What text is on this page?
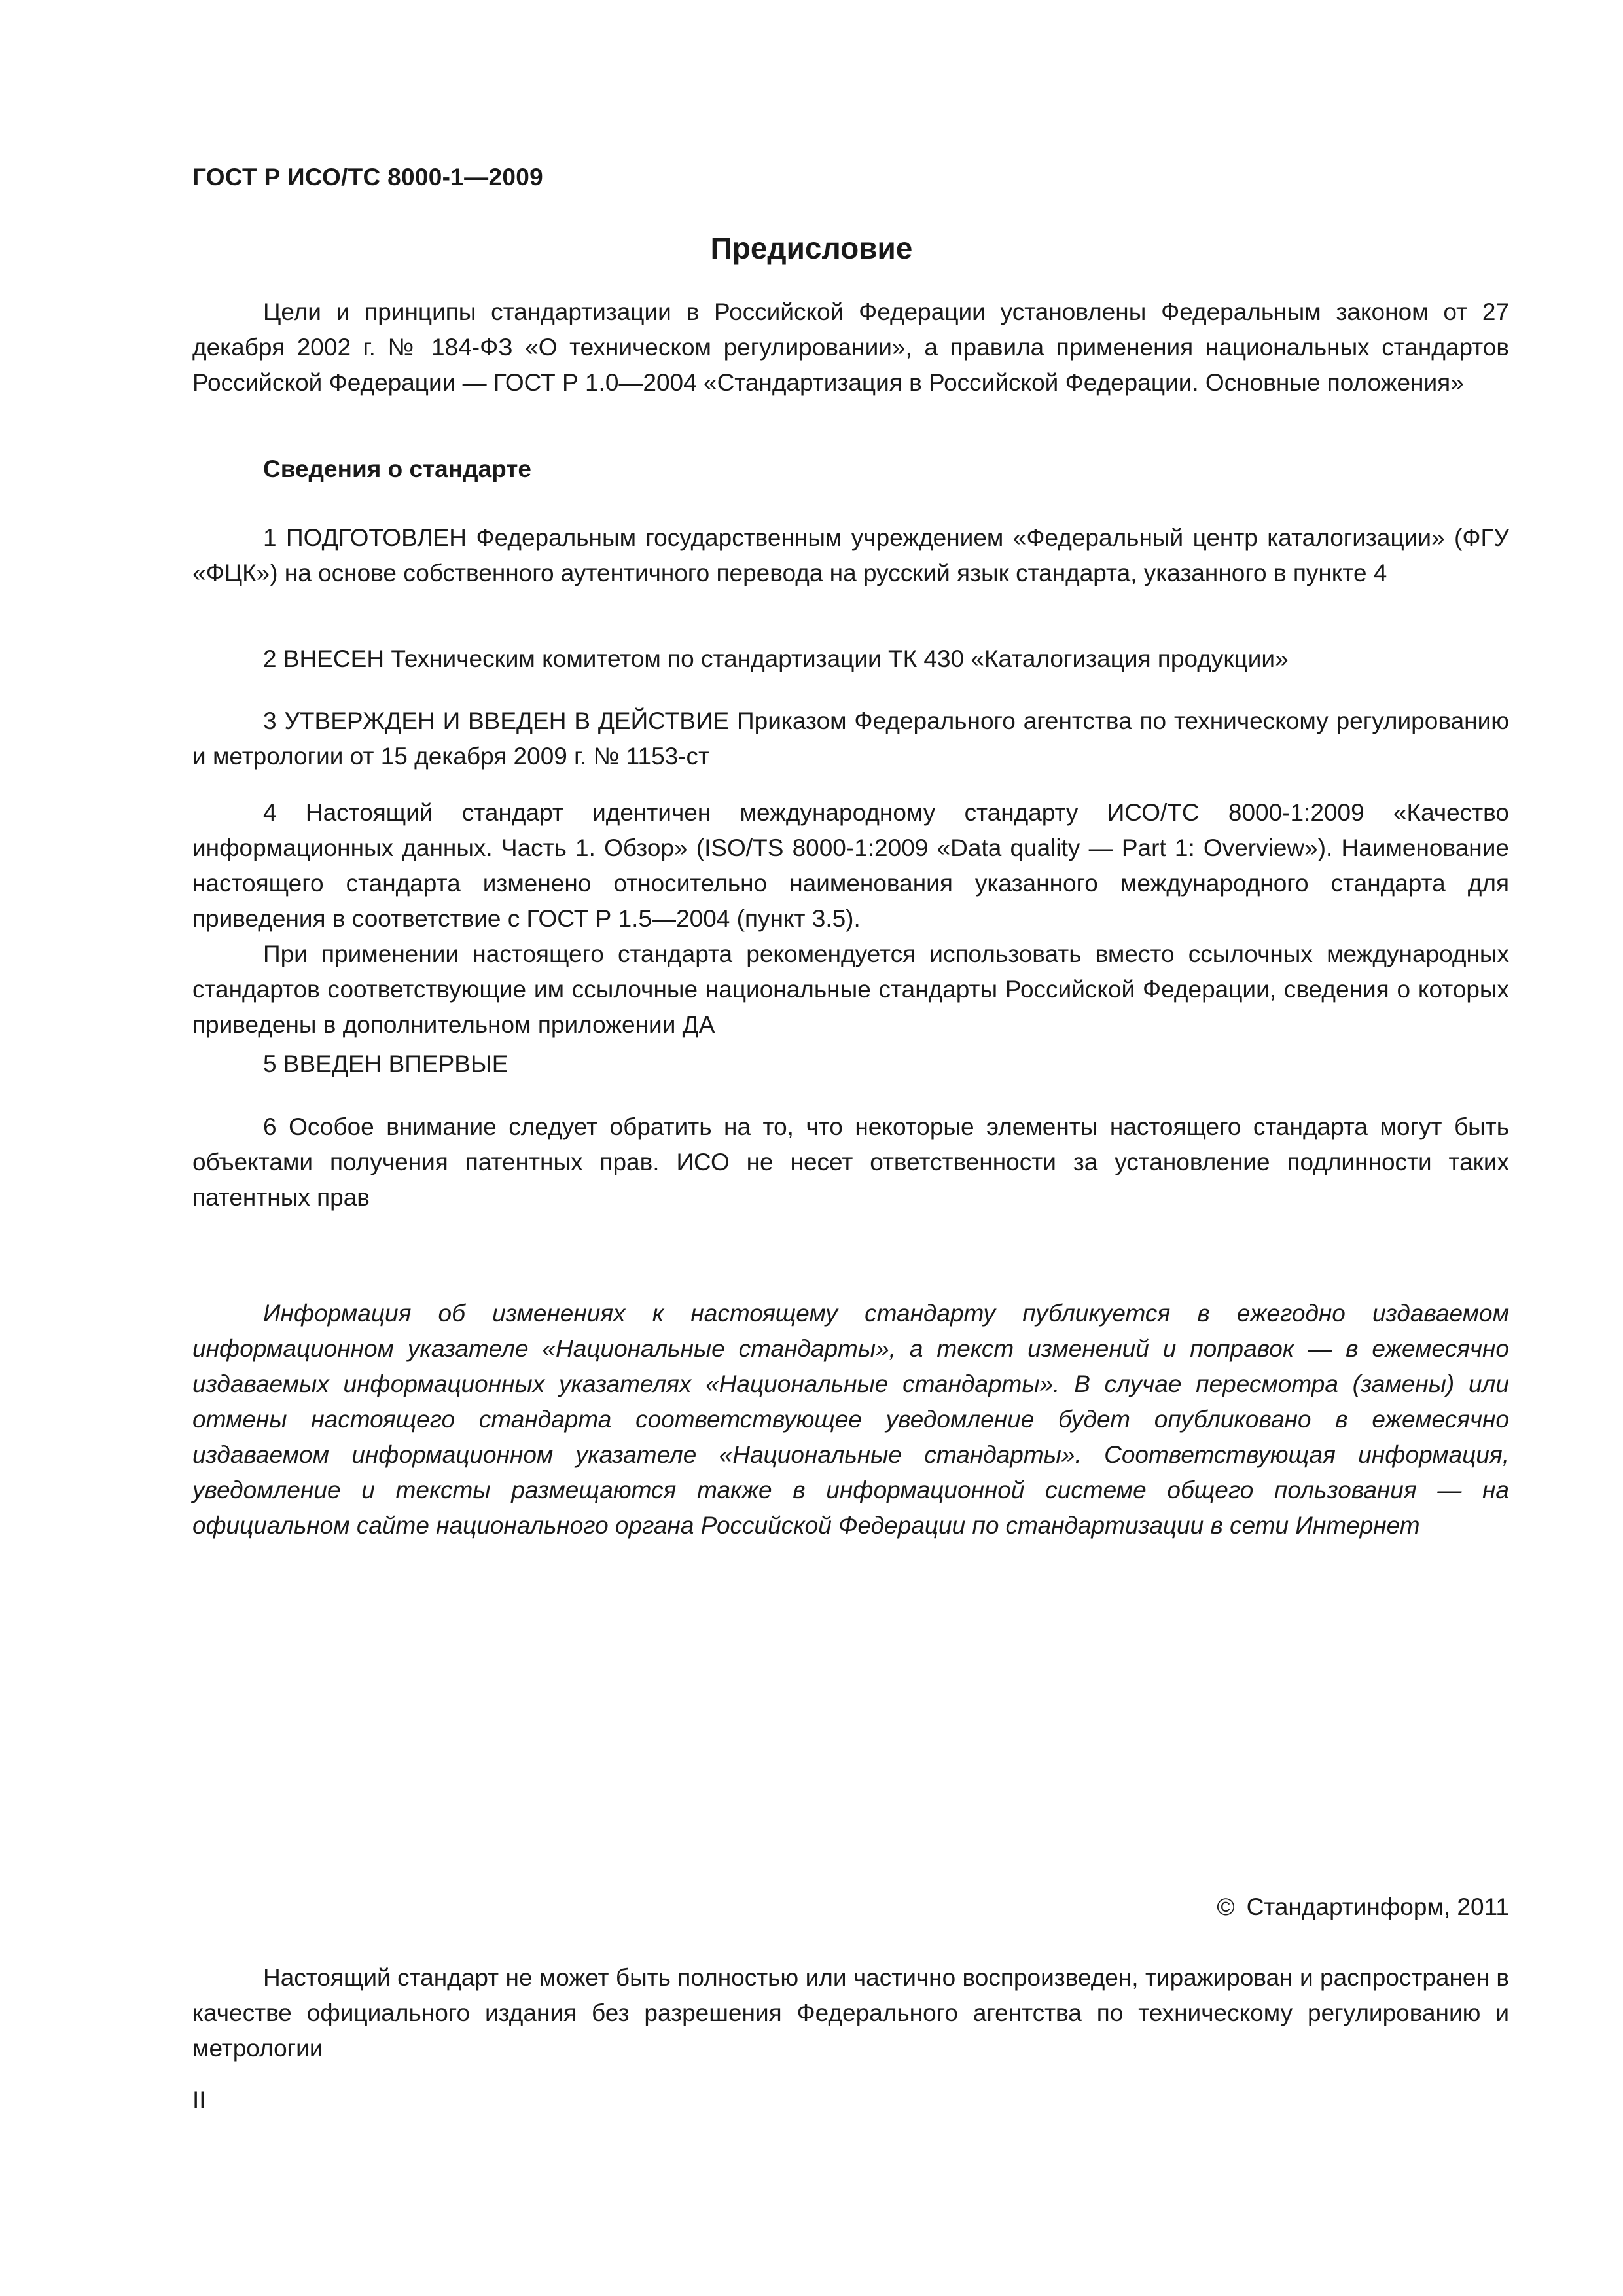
ГОСТ Р ИСО/ТС 8000-1—2009
Предисловие

Цели и принципы стандартизации в Российской Федерации установлены Федеральным законом от 27 декабря 2002 г. № 184-ФЗ «О техническом регулировании», а правила применения национальных стандартов Российской Федерации — ГОСТ Р 1.0—2004 «Стандартизация в Российской Федерации. Основные положения»

Сведения о стандарте

1 ПОДГОТОВЛЕН Федеральным государственным учреждением «Федеральный центр каталогизации» (ФГУ «ФЦК») на основе собственного аутентичного перевода на русский язык стандарта, указанного в пункте 4

2 ВНЕСЕН Техническим комитетом по стандартизации ТК 430 «Каталогизация продукции»

3 УТВЕРЖДЕН И ВВЕДЕН В ДЕЙСТВИЕ Приказом Федерального агентства по техническому регулированию и метрологии от 15 декабря 2009 г. № 1153-ст

4 Настоящий стандарт идентичен международному стандарту ИСО/ТС 8000-1:2009 «Качество информационных данных. Часть 1. Обзор» (ISO/TS 8000-1:2009 «Data quality — Part 1: Overview»). Наименование настоящего стандарта изменено относительно наименования указанного международного стандарта для приведения в соответствие с ГОСТ Р 1.5—2004 (пункт 3.5).

При применении настоящего стандарта рекомендуется использовать вместо ссылочных международных стандартов соответствующие им ссылочные национальные стандарты Российской Федерации, сведения о которых приведены в дополнительном приложении ДА

5 ВВЕДЕН ВПЕРВЫЕ

6 Особое внимание следует обратить на то, что некоторые элементы настоящего стандарта могут быть объектами получения патентных прав. ИСО не несет ответственности за установление подлинности таких патентных прав

Информация об изменениях к настоящему стандарту публикуется в ежегодно издаваемом информационном указателе «Национальные стандарты», а текст изменений и поправок — в ежемесячно издаваемых информационных указателях «Национальные стандарты». В случае пересмотра (замены) или отмены настоящего стандарта соответствующее уведомление будет опубликовано в ежемесячно издаваемом информационном указателе «Национальные стандарты». Соответствующая информация, уведомление и тексты размещаются также в информационной системе общего пользования — на официальном сайте национального органа Российской Федерации по стандартизации в сети Интернет

© Стандартинформ, 2011

Настоящий стандарт не может быть полностью или частично воспроизведен, тиражирован и распространен в качестве официального издания без разрешения Федерального агентства по техническому регулированию и метрологии

II
